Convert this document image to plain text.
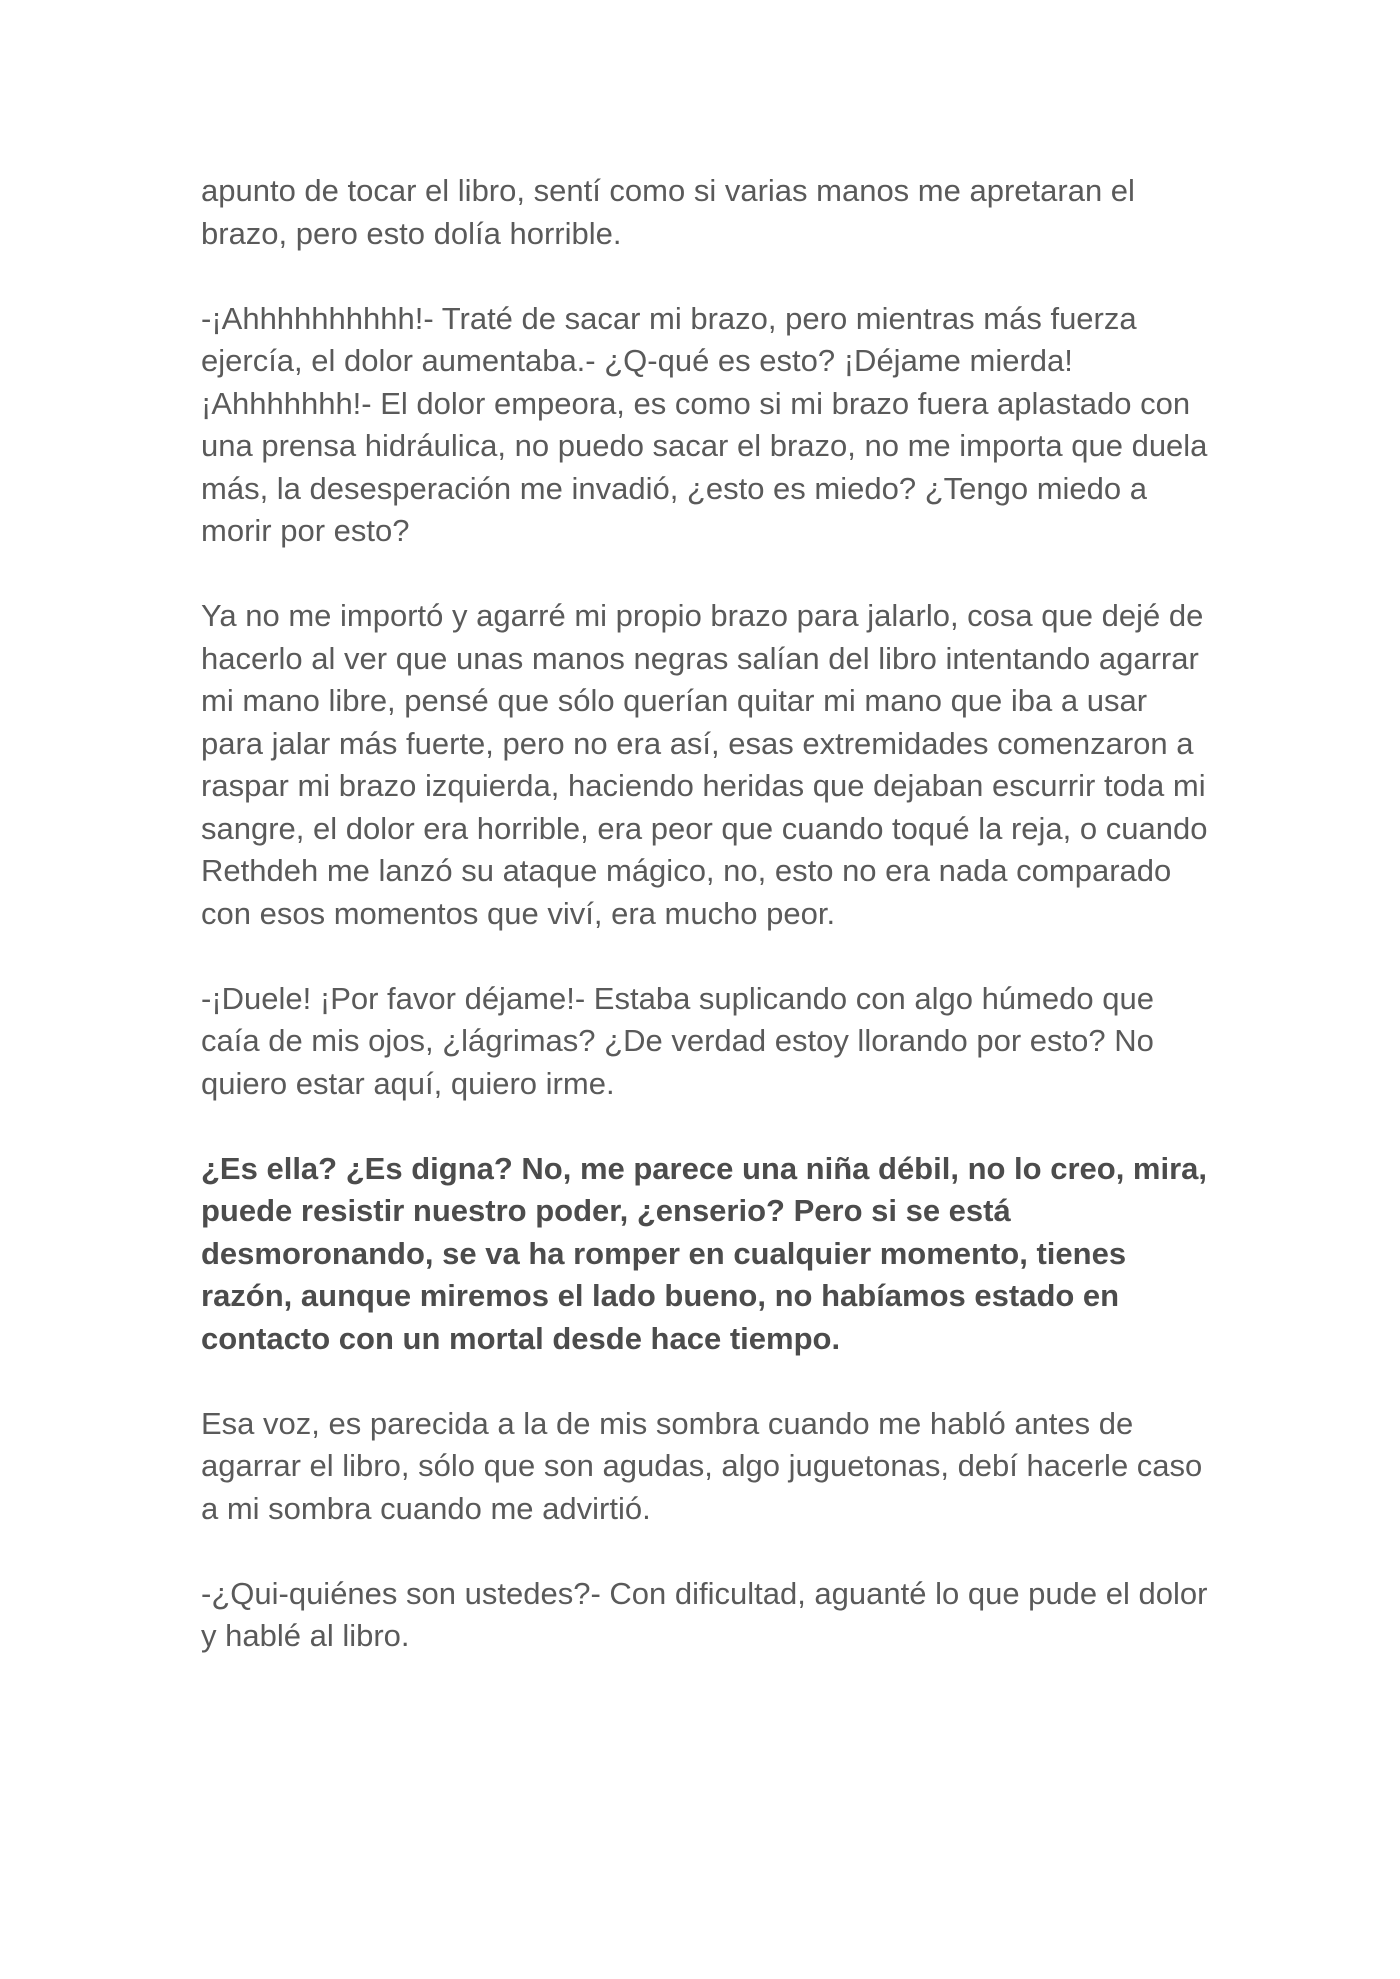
apunto de tocar el libro, sentí como si varias manos me apretaran el brazo, pero esto dolía horrible.

-¡Ahhhhhhhhhh!- Traté de sacar mi brazo, pero mientras más fuerza ejercía, el dolor aumentaba.- ¿Q-qué es esto? ¡Déjame mierda! ¡Ahhhhhhh!- El dolor empeora, es como si mi brazo fuera aplastado con una prensa hidráulica, no puedo sacar el brazo, no me importa que duela más, la desesperación me invadió, ¿esto es miedo? ¿Tengo miedo a morir por esto?

Ya no me importó y agarré mi propio brazo para jalarlo, cosa que dejé de hacerlo al ver que unas manos negras salían del libro intentando agarrar mi mano libre, pensé que sólo querían quitar mi mano que iba a usar para jalar más fuerte, pero no era así, esas extremidades comenzaron a raspar mi brazo izquierda, haciendo heridas que dejaban escurrir toda mi sangre, el dolor era horrible, era peor que cuando toqué la reja, o cuando Rethdeh me lanzó su ataque mágico, no, esto no era nada comparado con esos momentos que viví, era mucho peor.

-¡Duele! ¡Por favor déjame!- Estaba suplicando con algo húmedo que caía de mis ojos, ¿lágrimas? ¿De verdad estoy llorando por esto? No quiero estar aquí, quiero irme.

¿Es ella? ¿Es digna? No, me parece una niña débil, no lo creo, mira, puede resistir nuestro poder, ¿enserio? Pero si se está desmoronando, se va ha romper en cualquier momento, tienes razón, aunque miremos el lado bueno, no habíamos estado en contacto con un mortal desde hace tiempo.

Esa voz, es parecida a la de mis sombra cuando me habló antes de agarrar el libro, sólo que son agudas, algo juguetonas, debí hacerle caso a mi sombra cuando me advirtió.

-¿Qui-quiénes son ustedes?- Con dificultad, aguanté lo que pude el dolor y hablé al libro.
